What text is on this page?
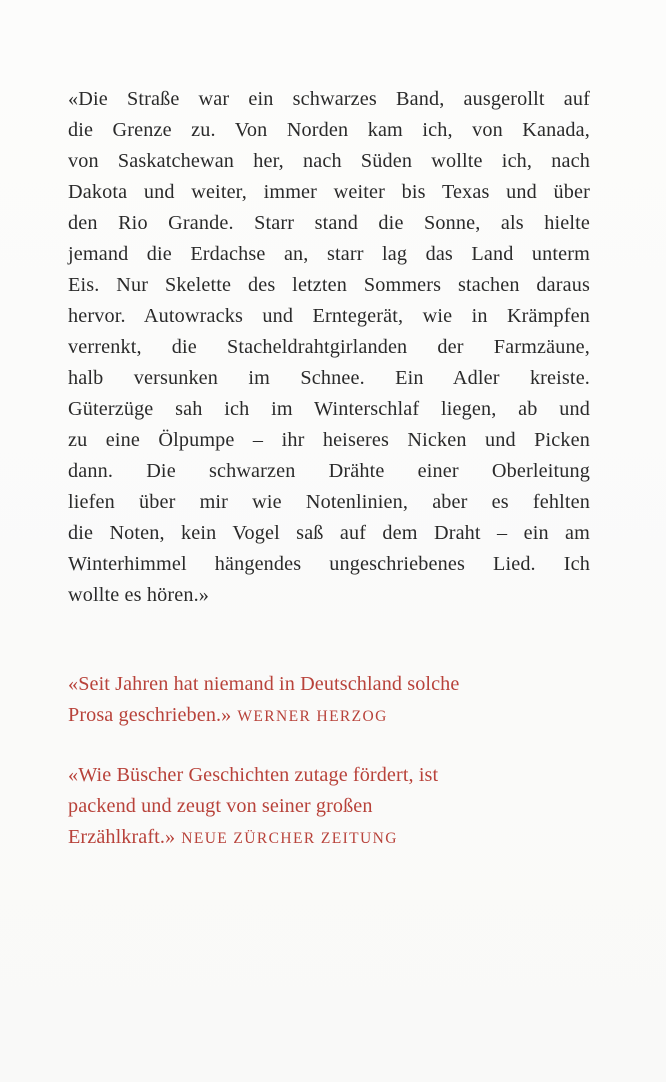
«Die Straße war ein schwarzes Band, ausgerollt auf
die Grenze zu. Von Norden kam ich, von Kanada,
von Saskatchewan her, nach Süden wollte ich, nach
Dakota und weiter, immer weiter bis Texas und über
den Rio Grande. Starr stand die Sonne, als hielte
jemand die Erdachse an, starr lag das Land unterm
Eis. Nur Skelette des letzten Sommers stachen daraus
hervor. Autowracks und Erntegerät, wie in Krämpfen
verrenkt, die Stacheldrahtgirlanden der Farmzäune,
halb versunken im Schnee. Ein Adler kreiste.
Güterzüge sah ich im Winterschlaf liegen, ab und
zu eine Ölpumpe – ihr heiseres Nicken und Picken
dann. Die schwarzen Drähte einer Oberleitung
liefen über mir wie Notenlinien, aber es fehlten
die Noten, kein Vogel saß auf dem Draht – ein am
Winterhimmel hängendes ungeschriebenes Lied. Ich
wollte es hören.»

«Seit Jahren hat niemand in Deutschland solche
Prosa geschrieben.» WERNER HERZOG

«Wie Büscher Geschichten zutage fördert, ist
packend und zeugt von seiner großen
Erzählkraft.» NEUE ZÜRCHER ZEITUNG
